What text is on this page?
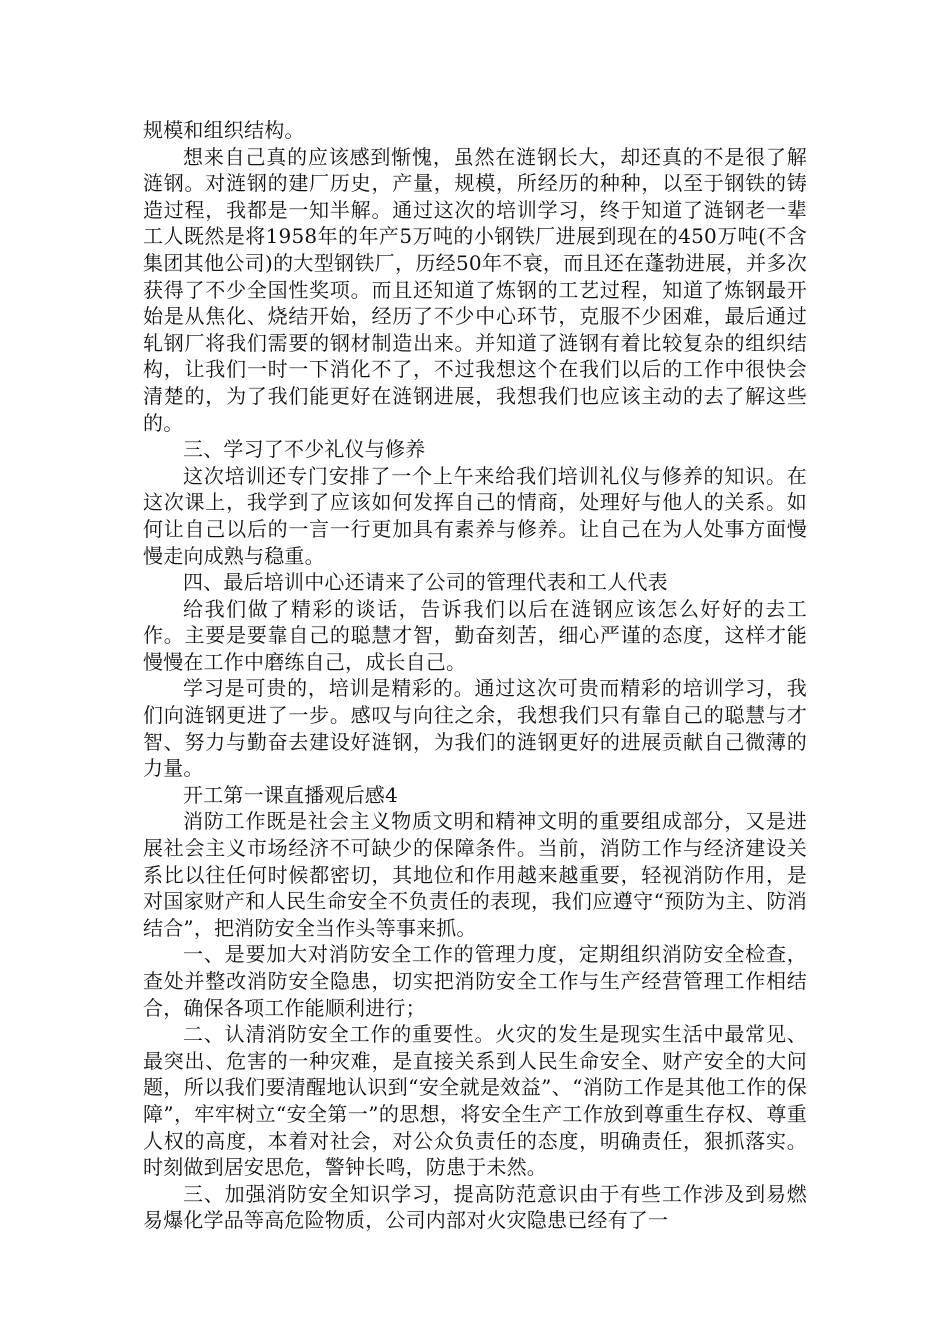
规模和组织结构。

想来自己真的应该感到惭愧，虽然在涟钢长大，却还真的不是很了解涟钢。对涟钢的建厂历史，产量，规模，所经历的种种，以至于钢铁的铸造过程，我都是一知半解。通过这次的培训学习，终于知道了涟钢老一辈工人既然是将1958年的年产5万吨的小钢铁厂进展到现在的450万吨(不含集团其他公司)的大型钢铁厂，历经50年不衰，而且还在蓬勃进展，并多次获得了不少全国性奖项。而且还知道了炼钢的工艺过程，知道了炼钢最开始是从焦化、烧结开始，经历了不少中心环节，克服不少困难，最后通过轧钢厂将我们需要的钢材制造出来。并知道了涟钢有着比较复杂的组织结构，让我们一时一下消化不了，不过我想这个在我们以后的工作中很快会清楚的，为了我们能更好在涟钢进展，我想我们也应该主动的去了解这些的。

三、学习了不少礼仪与修养

这次培训还专门安排了一个上午来给我们培训礼仪与修养的知识。在这次课上，我学到了应该如何发挥自己的情商，处理好与他人的关系。如何让自己以后的一言一行更加具有素养与修养。让自己在为人处事方面慢慢走向成熟与稳重。

四、最后培训中心还请来了公司的管理代表和工人代表

给我们做了精彩的谈话，告诉我们以后在涟钢应该怎么好好的去工作。主要是要靠自己的聪慧才智，勤奋刻苦，细心严谨的态度，这样才能慢慢在工作中磨练自己，成长自己。

学习是可贵的，培训是精彩的。通过这次可贵而精彩的培训学习，我们向涟钢更进了一步。感叹与向往之余，我想我们只有靠自己的聪慧与才智、努力与勤奋去建设好涟钢，为我们的涟钢更好的进展贡献自己微薄的力量。

开工第一课直播观后感4

消防工作既是社会主义物质文明和精神文明的重要组成部分，又是进展社会主义市场经济不可缺少的保障条件。当前，消防工作与经济建设关系比以往任何时候都密切，其地位和作用越来越重要，轻视消防作用，是对国家财产和人民生命安全不负责任的表现，我们应遵守“预防为主、防消结合”，把消防安全当作头等事来抓。

一、是要加大对消防安全工作的管理力度，定期组织消防安全检查，查处并整改消防安全隐患，切实把消防安全工作与生产经营管理工作相结合，确保各项工作能顺利进行；

二、认清消防安全工作的重要性。火灾的发生是现实生活中最常见、最突出、危害的一种灾难，是直接关系到人民生命安全、财产安全的大问题，所以我们要清醒地认识到“安全就是效益”、“消防工作是其他工作的保障”，牢牢树立“安全第一”的思想，将安全生产工作放到尊重生存权、尊重人权的高度，本着对社会，对公众负责任的态度，明确责任，狠抓落实。时刻做到居安思危，警钟长鸣，防患于未然。

三、加强消防安全知识学习，提高防范意识由于有些工作涉及到易燃易爆化学品等高危险物质，公司内部对火灾隐患已经有了一
